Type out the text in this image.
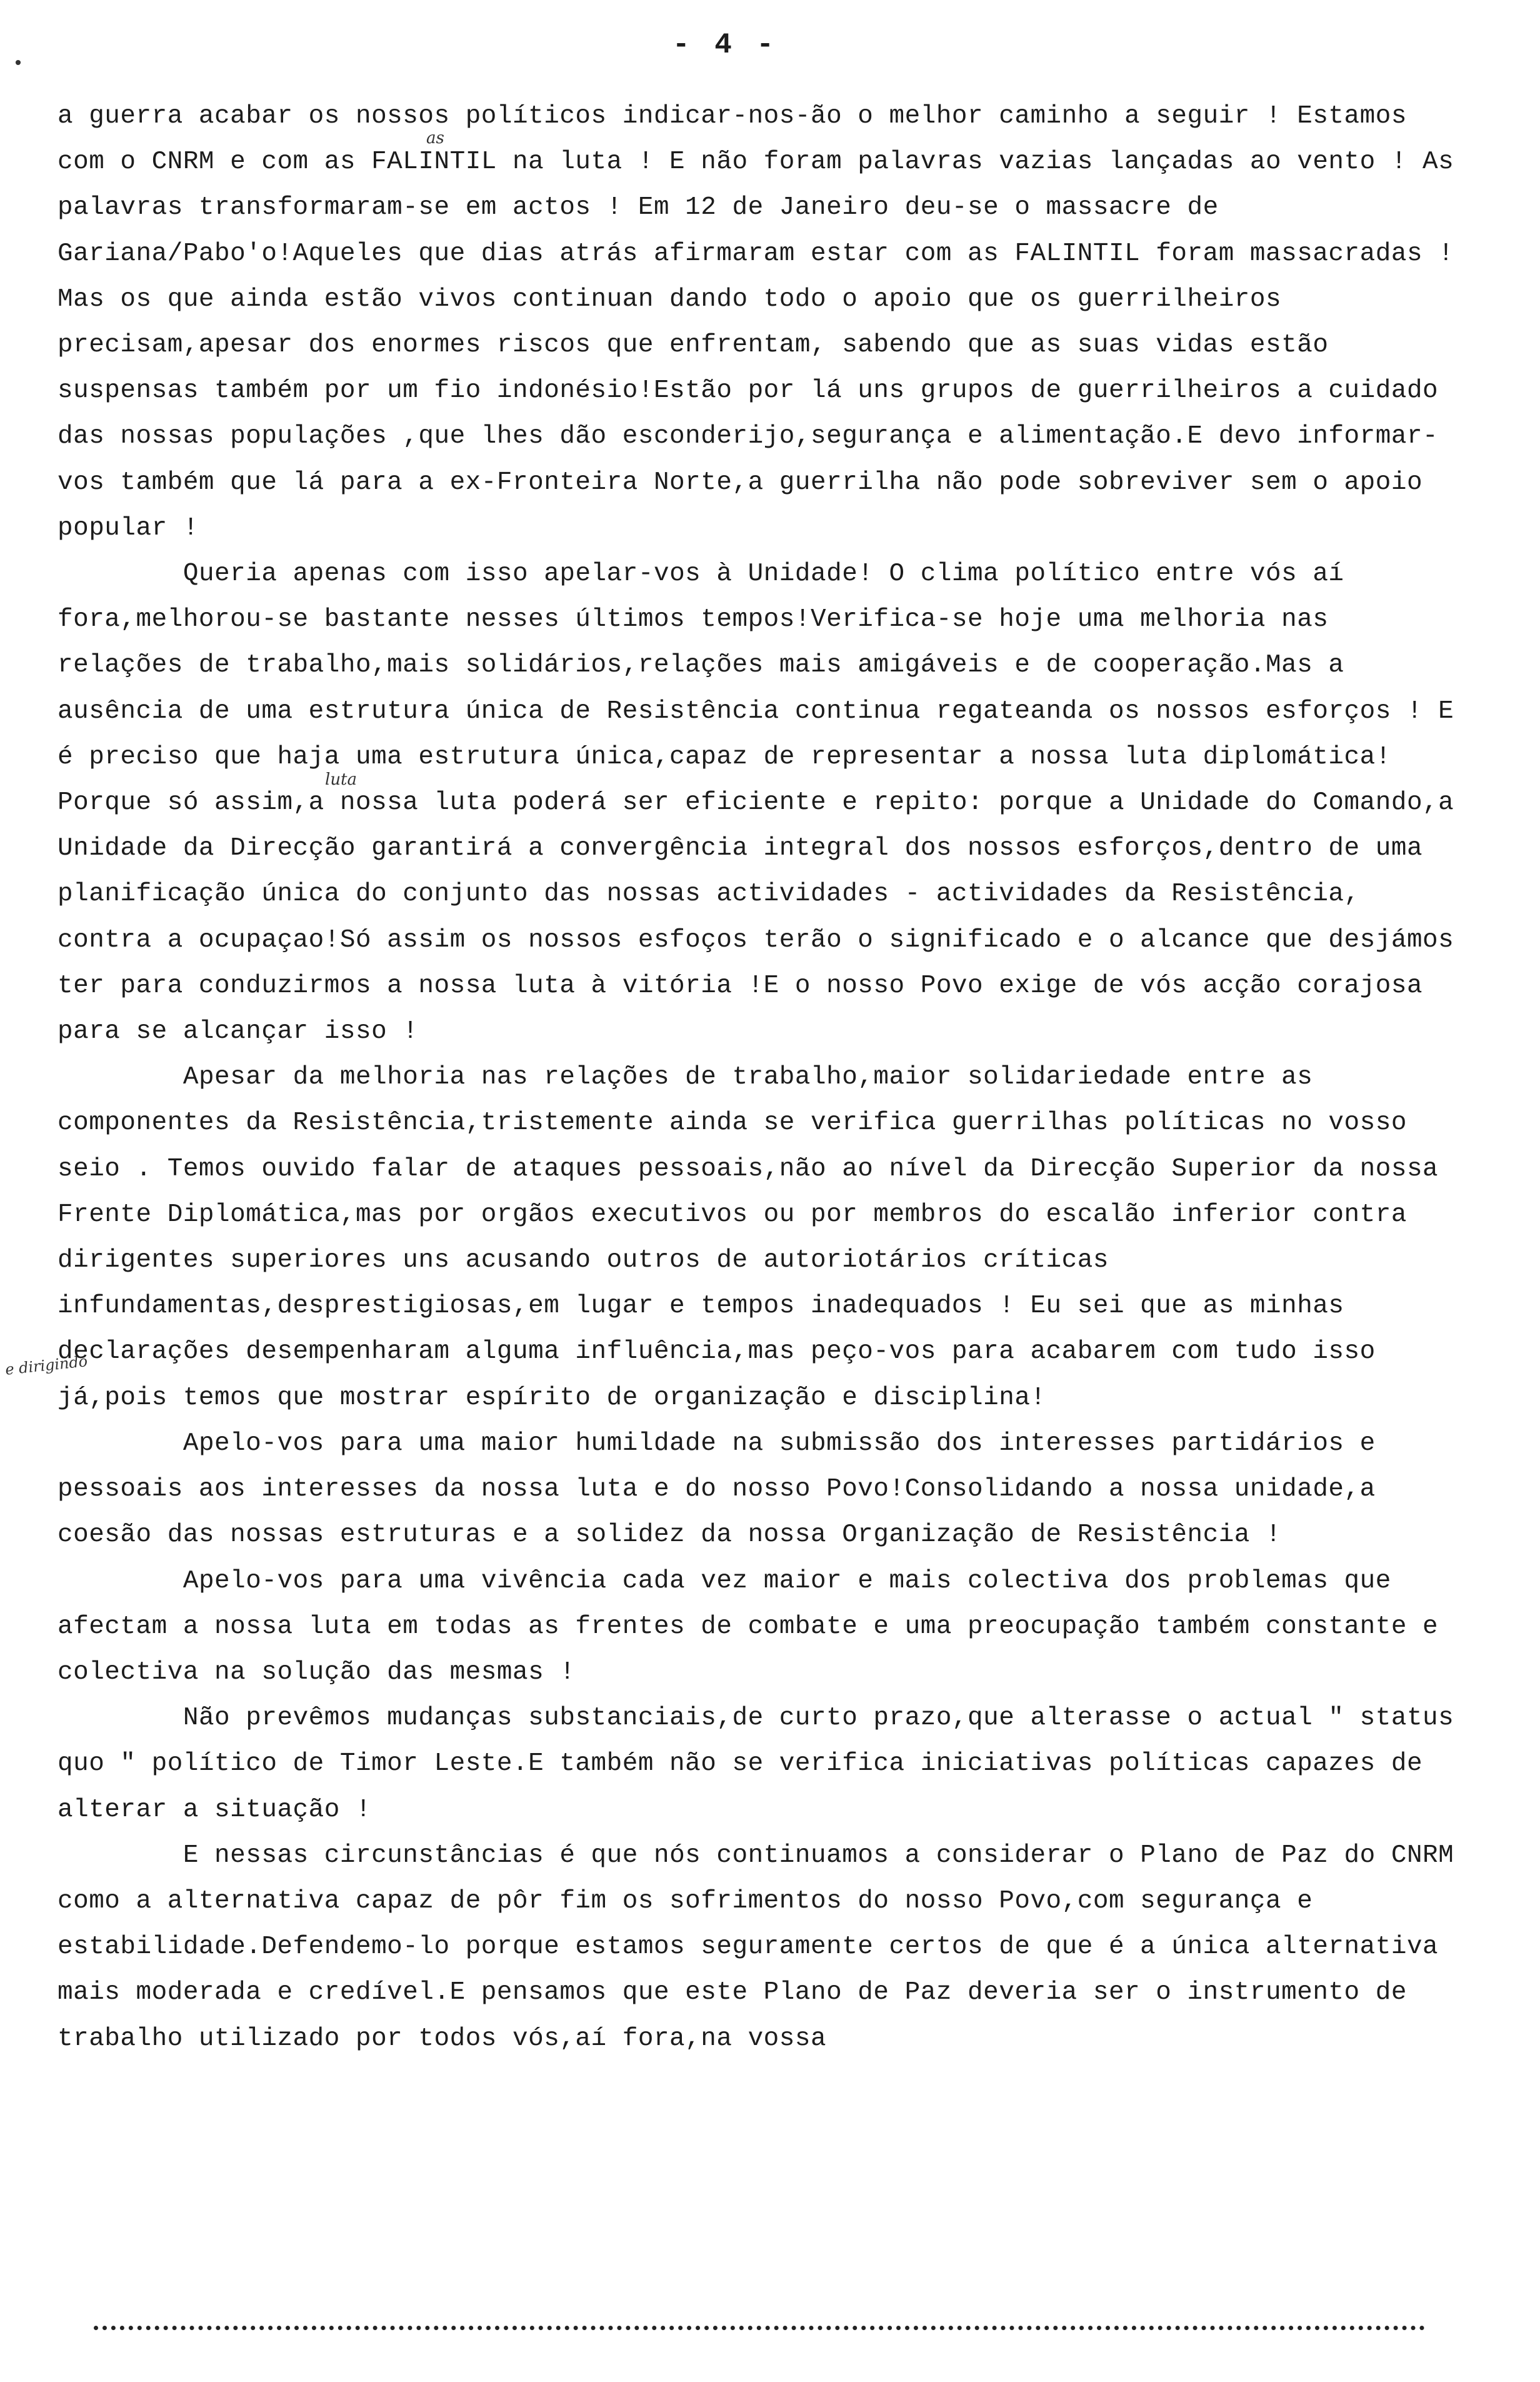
•
- 4 -
as
luta
e dirigindo

a guerra acabar os nossos políticos indicar-nos-ão o melhor caminho a seguir ! Estamos com o CNRM e com as FALINTIL na luta ! E não foram palavras vazias lançadas ao vento ! As palavras transformaram-se em actos ! Em 12 de Janeiro deu-se o massacre de Gariana/Pabo'o!Aqueles que dias atrás afirmaram estar com as FALINTIL foram massacradas ! Mas os que ainda estão vivos continuan dando todo o apoio que os guerrilheiros precisam,apesar dos enormes riscos que enfrentam, sabendo que as suas vidas estão suspensas também por um fio indonésio!Estão por lá uns grupos de guerrilheiros a cuidado das nossas populações ,que lhes dão esconderijo,segurança e alimentação.E devo informar-vos também que lá para a ex-Fronteira Norte,a guerrilha não pode sobreviver sem o apoio popular !

Queria apenas com isso apelar-vos à Unidade! O clima político entre vós aí fora,melhorou-se bastante nesses últimos tempos!Verifica-se hoje uma melhoria nas relações de trabalho,mais solidários,relações mais amigáveis e de cooperação.Mas a ausência de uma estrutura única de Resistência continua regateanda os nossos esforços ! E é preciso que haja uma estrutura única,capaz de representar a nossa luta diplomática! Porque só assim,a nossa luta poderá ser eficiente e repito: porque a Unidade do Comando,a Unidade da Direcção garantirá a convergência integral dos nossos esforços,dentro de uma planificação única do conjunto das nossas actividades - actividades da Resistência, contra a ocupaçao!Só assim os nossos esfoços terão o significado e o alcance que desjámos ter para conduzirmos a nossa luta à vitória !E o nosso Povo exige de vós acção corajosa para se alcançar isso !

Apesar da melhoria nas relações de trabalho,maior solidariedade entre as componentes da Resistência,tristemente ainda se verifica guerrilhas políticas no vosso seio . Temos ouvido falar de ataques pessoais,não ao nível da Direcção Superior da nossa Frente Diplomática,mas por orgãos executivos ou por membros do escalão inferior contra dirigentes superiores uns acusando outros de autoriotários críticas infundamentas,desprestigiosas,em lugar e tempos inadequados ! Eu sei que as minhas declarações desempenharam alguma influência,mas peço-vos para acabarem com tudo isso já,pois temos que mostrar espírito de organização e disciplina!

Apelo-vos para uma maior humildade na submissão dos interesses partidários e pessoais aos interesses da nossa luta e do nosso Povo!Consolidando a nossa unidade,a coesão das nossas estruturas e a solidez da nossa Organização de Resistência !

Apelo-vos para uma vivência cada vez maior e mais colectiva dos problemas que afectam a nossa luta em todas as frentes de combate e uma preocupação também constante e colectiva na solução das mesmas !

Não prevêmos mudanças substanciais,de curto prazo,que alterasse o actual " status quo " político de Timor Leste.E também não se verifica iniciativas políticas capazes de alterar a situação !

E nessas circunstâncias é que nós continuamos a considerar o Plano de Paz do CNRM como a alternativa capaz de pôr fim os sofrimentos do nosso Povo,com segurança e estabilidade.Defendemo-lo porque estamos seguramente certos de que é a única alternativa mais moderada e credível.E pensamos que este Plano de Paz deveria ser o instrumento de trabalho utilizado por todos vós,aí fora,na vossa
